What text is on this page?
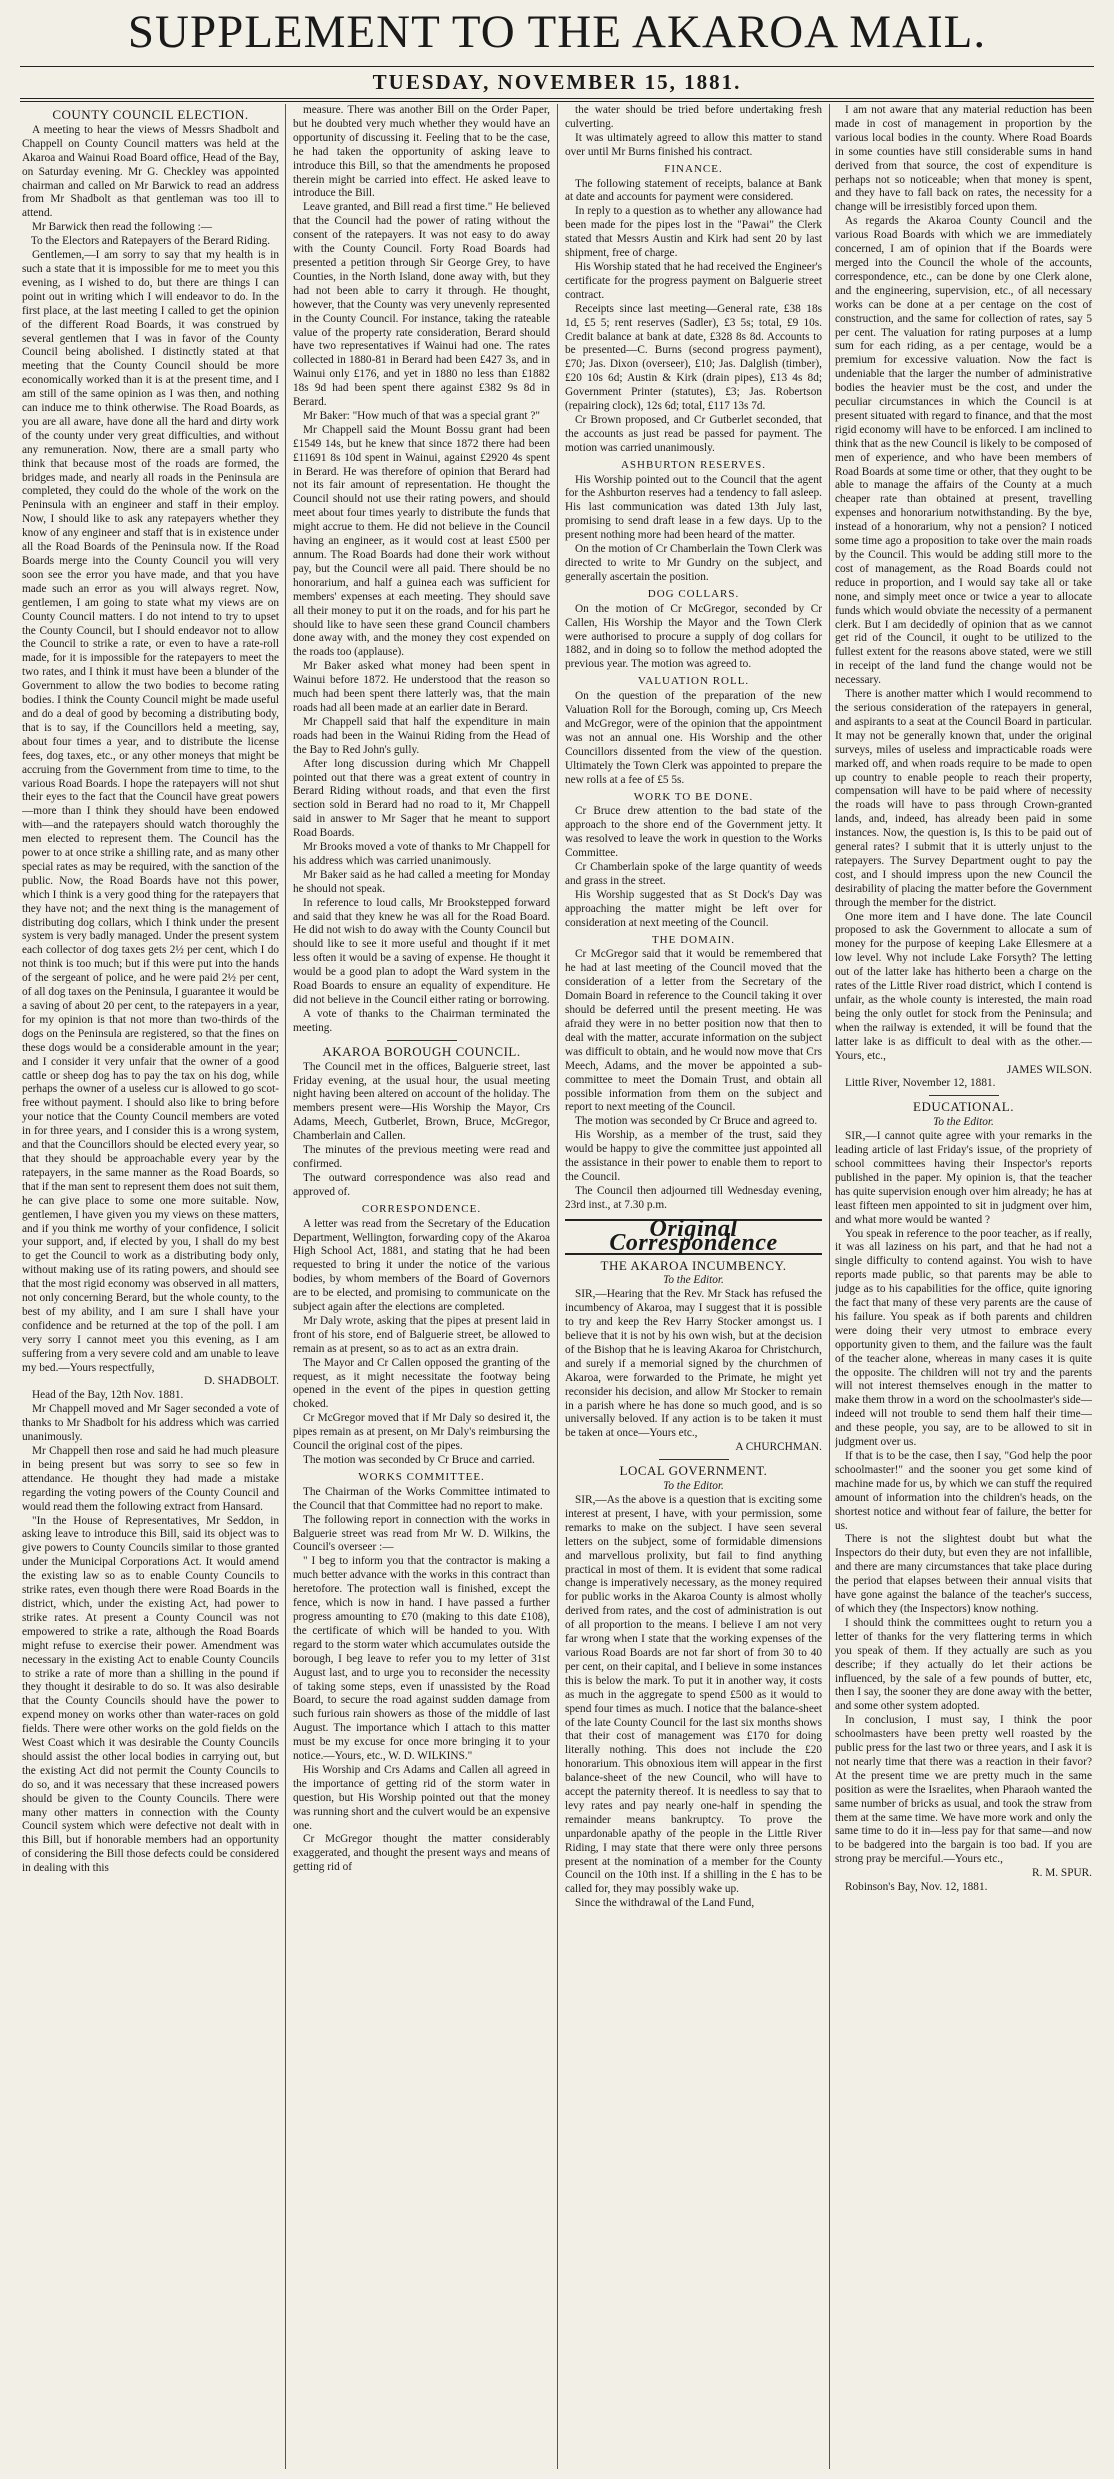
SUPPLEMENT TO THE AKAROA MAIL.
TUESDAY, NOVEMBER 15, 1881.

COUNTY COUNCIL ELECTION.

A meeting to hear the views of Messrs Shadbolt and Chappell on County Council matters was held at the Akaroa and Wainui Road Board office, Head of the Bay, on Saturday evening. Mr G. Checkley was appointed chairman and called on Mr Barwick to read an address from Mr Shadbolt as that gentleman was too ill to attend.

Mr Barwick then read the following :—

To the Electors and Ratepayers of the Berard Riding.

Gentlemen,—I am sorry to say that my health is in such a state that it is impossible for me to meet you this evening, as I wished to do, but there are things I can point out in writing which I will endeavor to do. In the first place, at the last meeting I called to get the opinion of the different Road Boards, it was construed by several gentlemen that I was in favor of the County Council being abolished. I distinctly stated at that meeting that the County Council should be more economically worked than it is at the present time, and I am still of the same opinion as I was then, and nothing can induce me to think otherwise. The Road Boards, as you are all aware, have done all the hard and dirty work of the county under very great difficulties, and without any remuneration. Now, there are a small party who think that because most of the roads are formed, the bridges made, and nearly all roads in the Peninsula are completed, they could do the whole of the work on the Peninsula with an engineer and staff in their employ. Now, I should like to ask any ratepayers whether they know of any engineer and staff that is in existence under all the Road Boards of the Peninsula now. If the Road Boards merge into the County Council you will very soon see the error you have made, and that you have made such an error as you will always regret. Now, gentlemen, I am going to state what my views are on County Council matters. I do not intend to try to upset the County Council, but I should endeavor not to allow the Council to strike a rate, or even to have a rate-roll made, for it is impossible for the ratepayers to meet the two rates, and I think it must have been a blunder of the Government to allow the two bodies to become rating bodies. I think the County Council might be made useful and do a deal of good by becoming a distributing body, that is to say, if the Councillors held a meeting, say, about four times a year, and to distribute the license fees, dog taxes, etc., or any other moneys that might be accruing from the Government from time to time, to the various Road Boards. I hope the ratepayers will not shut their eyes to the fact that the Council have great powers—more than I think they should have been endowed with—and the ratepayers should watch thoroughly the men elected to represent them. The Council has the power to at once strike a shilling rate, and as many other special rates as may be required, with the sanction of the public. Now, the Road Boards have not this power, which I think is a very good thing for the ratepayers that they have not; and the next thing is the management of distributing dog collars, which I think under the present system is very badly managed. Under the present system each collector of dog taxes gets 2½ per cent, which I do not think is too much; but if this were put into the hands of the sergeant of police, and he were paid 2½ per cent, of all dog taxes on the Peninsula, I guarantee it would be a saving of about 20 per cent, to the ratepayers in a year, for my opinion is that not more than two-thirds of the dogs on the Peninsula are registered, so that the fines on these dogs would be a considerable amount in the year; and I consider it very unfair that the owner of a good cattle or sheep dog has to pay the tax on his dog, while perhaps the owner of a useless cur is allowed to go scot-free without payment. I should also like to bring before your notice that the County Council members are voted in for three years, and I consider this is a wrong system, and that the Councillors should be elected every year, so that they should be approachable every year by the ratepayers, in the same manner as the Road Boards, so that if the man sent to represent them does not suit them, he can give place to some one more suitable. Now, gentlemen, I have given you my views on these matters, and if you think me worthy of your confidence, I solicit your support, and, if elected by you, I shall do my best to get the Council to work as a distributing body only, without making use of its rating powers, and should see that the most rigid economy was observed in all matters, not only concerning Berard, but the whole county, to the best of my ability, and I am sure I shall have your confidence and be returned at the top of the poll. I am very sorry I cannot meet you this evening, as I am suffering from a very severe cold and am unable to leave my bed.—Yours respectfully,

D. SHADBOLT.

Head of the Bay, 12th Nov. 1881.

Mr Chappell moved and Mr Sager seconded a vote of thanks to Mr Shadbolt for his address which was carried unanimously.

Mr Chappell then rose and said he had much pleasure in being present but was sorry to see so few in attendance. He thought they had made a mistake regarding the voting powers of the County Council and would read them the following extract from Hansard.

"In the House of Representatives, Mr Seddon, in asking leave to introduce this Bill, said its object was to give powers to County Councils similar to those granted under the Municipal Corporations Act. It would amend the existing law so as to enable County Councils to strike rates, even though there were Road Boards in the district, which, under the existing Act, had power to strike rates. At present a County Council was not empowered to strike a rate, although the Road Boards might refuse to exercise their power. Amendment was necessary in the existing Act to enable County Councils to strike a rate of more than a shilling in the pound if they thought it desirable to do so. It was also desirable that the County Councils should have the power to expend money on works other than water-races on gold fields. There were other works on the gold fields on the West Coast which it was desirable the County Councils should assist the other local bodies in carrying out, but the existing Act did not permit the County Councils to do so, and it was necessary that these increased powers should be given to the County Councils. There were many other matters in connection with the County Council system which were defective not dealt with in this Bill, but if honorable members had an opportunity of considering the Bill those defects could be considered in dealing with this

measure. There was another Bill on the Order Paper, but he doubted very much whether they would have an opportunity of discussing it. Feeling that to be the case, he had taken the opportunity of asking leave to introduce this Bill, so that the amendments he proposed therein might be carried into effect. He asked leave to introduce the Bill.

Leave granted, and Bill read a first time." He believed that the Council had the power of rating without the consent of the ratepayers. It was not easy to do away with the County Council. Forty Road Boards had presented a petition through Sir George Grey, to have Counties, in the North Island, done away with, but they had not been able to carry it through. He thought, however, that the County was very unevenly represented in the County Council. For instance, taking the rateable value of the property rate consideration, Berard should have two representatives if Wainui had one. The rates collected in 1880-81 in Berard had been £427 3s, and in Wainui only £176, and yet in 1880 no less than £1882 18s 9d had been spent there against £382 9s 8d in Berard.

Mr Baker: "How much of that was a special grant ?"

Mr Chappell said the Mount Bossu grant had been £1549 14s, but he knew that since 1872 there had been £11691 8s 10d spent in Wainui, against £2920 4s spent in Berard. He was therefore of opinion that Berard had not its fair amount of representation. He thought the Council should not use their rating powers, and should meet about four times yearly to distribute the funds that might accrue to them. He did not believe in the Council having an engineer, as it would cost at least £500 per annum. The Road Boards had done their work without pay, but the Council were all paid. There should be no honorarium, and half a guinea each was sufficient for members' expenses at each meeting. They should save all their money to put it on the roads, and for his part he should like to have seen these grand Council chambers done away with, and the money they cost expended on the roads too (applause).

Mr Baker asked what money had been spent in Wainui before 1872. He understood that the reason so much had been spent there latterly was, that the main roads had all been made at an earlier date in Berard.

Mr Chappell said that half the expenditure in main roads had been in the Wainui Riding from the Head of the Bay to Red John's gully.

After long discussion during which Mr Chappell pointed out that there was a great extent of country in Berard Riding without roads, and that even the first section sold in Berard had no road to it, Mr Chappell said in answer to Mr Sager that he meant to support Road Boards.

Mr Brooks moved a vote of thanks to Mr Chappell for his address which was carried unanimously.

Mr Baker said as he had called a meeting for Monday he should not speak.

In reference to loud calls, Mr Brookstepped forward and said that they knew he was all for the Road Board. He did not wish to do away with the County Council but should like to see it more useful and thought if it met less often it would be a saving of expense. He thought it would be a good plan to adopt the Ward system in the Road Boards to ensure an equality of expenditure. He did not believe in the Council either rating or borrowing.

A vote of thanks to the Chairman terminated the meeting.

AKAROA BOROUGH COUNCIL.

The Council met in the offices, Balguerie street, last Friday evening, at the usual hour, the usual meeting night having been altered on account of the holiday. The members present were—His Worship the Mayor, Crs Adams, Meech, Gutberlet, Brown, Bruce, McGregor, Chamberlain and Callen.

The minutes of the previous meeting were read and confirmed.

The outward correspondence was also read and approved of.

CORRESPONDENCE.

A letter was read from the Secretary of the Education Department, Wellington, forwarding copy of the Akaroa High School Act, 1881, and stating that he had been requested to bring it under the notice of the various bodies, by whom members of the Board of Governors are to be elected, and promising to communicate on the subject again after the elections are completed.

Mr Daly wrote, asking that the pipes at present laid in front of his store, end of Balguerie street, be allowed to remain as at present, so as to act as an extra drain.

The Mayor and Cr Callen opposed the granting of the request, as it might necessitate the footway being opened in the event of the pipes in question getting choked.

Cr McGregor moved that if Mr Daly so desired it, the pipes remain as at present, on Mr Daly's reimbursing the Council the original cost of the pipes.

The motion was seconded by Cr Bruce and carried.

WORKS COMMITTEE.

The Chairman of the Works Committee intimated to the Council that that Committee had no report to make.

The following report in connection with the works in Balguerie street was read from Mr W. D. Wilkins, the Council's overseer :—

" I beg to inform you that the contractor is making a much better advance with the works in this contract than heretofore. The protection wall is finished, except the fence, which is now in hand. I have passed a further progress amounting to £70 (making to this date £108), the certificate of which will be handed to you. With regard to the storm water which accumulates outside the borough, I beg leave to refer you to my letter of 31st August last, and to urge you to reconsider the necessity of taking some steps, even if unassisted by the Road Board, to secure the road against sudden damage from such furious rain showers as those of the middle of last August. The importance which I attach to this matter must be my excuse for once more bringing it to your notice.—Yours, etc., W. D. WILKINS."

His Worship and Crs Adams and Callen all agreed in the importance of getting rid of the storm water in question, but His Worship pointed out that the money was running short and the culvert would be an expensive one.

Cr McGregor thought the matter considerably exaggerated, and thought the present ways and means of getting rid of

the water should be tried before undertaking fresh culverting.

It was ultimately agreed to allow this matter to stand over until Mr Burns finished his contract.

FINANCE.

The following statement of receipts, balance at Bank at date and accounts for payment were considered.

In reply to a question as to whether any allowance had been made for the pipes lost in the "Pawai" the Clerk stated that Messrs Austin and Kirk had sent 20 by last shipment, free of charge.

His Worship stated that he had received the Engineer's certificate for the progress payment on Balguerie street contract.

Receipts since last meeting—General rate, £38 18s 1d, £5 5; rent reserves (Sadler), £3 5s; total, £9 10s. Credit balance at bank at date, £328 8s 8d. Accounts to be presented—C. Burns (second progress payment), £70; Jas. Dixon (overseer), £10; Jas. Dalglish (timber), £20 10s 6d; Austin & Kirk (drain pipes), £13 4s 8d; Government Printer (statutes), £3; Jas. Robertson (repairing clock), 12s 6d; total, £117 13s 7d.

Cr Brown proposed, and Cr Gutberlet seconded, that the accounts as just read be passed for payment. The motion was carried unanimously.

ASHBURTON RESERVES.

His Worship pointed out to the Council that the agent for the Ashburton reserves had a tendency to fall asleep. His last communication was dated 13th July last, promising to send draft lease in a few days. Up to the present nothing more had been heard of the matter.

On the motion of Cr Chamberlain the Town Clerk was directed to write to Mr Gundry on the subject, and generally ascertain the position.

DOG COLLARS.

On the motion of Cr McGregor, seconded by Cr Callen, His Worship the Mayor and the Town Clerk were authorised to procure a supply of dog collars for 1882, and in doing so to follow the method adopted the previous year. The motion was agreed to.

VALUATION ROLL.

On the question of the preparation of the new Valuation Roll for the Borough, coming up, Crs Meech and McGregor, were of the opinion that the appointment was not an annual one. His Worship and the other Councillors dissented from the view of the question. Ultimately the Town Clerk was appointed to prepare the new rolls at a fee of £5 5s.

WORK TO BE DONE.

Cr Bruce drew attention to the bad state of the approach to the shore end of the Government jetty. It was resolved to leave the work in question to the Works Committee.

Cr Chamberlain spoke of the large quantity of weeds and grass in the street.

His Worship suggested that as St Dock's Day was approaching the matter might be left over for consideration at next meeting of the Council.

THE DOMAIN.

Cr McGregor said that it would be remembered that he had at last meeting of the Council moved that the consideration of a letter from the Secretary of the Domain Board in reference to the Council taking it over should be deferred until the present meeting. He was afraid they were in no better position now that then to deal with the matter, accurate information on the subject was difficult to obtain, and he would now move that Crs Meech, Adams, and the mover be appointed a sub-committee to meet the Domain Trust, and obtain all possible information from them on the subject and report to next meeting of the Council.

The motion was seconded by Cr Bruce and agreed to.

His Worship, as a member of the trust, said they would be happy to give the committee just appointed all the assistance in their power to enable them to report to the Council.

The Council then adjourned till Wednesday evening, 23rd inst., at 7.30 p.m.

Original Correspondence

THE AKAROA INCUMBENCY.

To the Editor.

SIR,—Hearing that the Rev. Mr Stack has refused the incumbency of Akaroa, may I suggest that it is possible to try and keep the Rev Harry Stocker amongst us. I believe that it is not by his own wish, but at the decision of the Bishop that he is leaving Akaroa for Christchurch, and surely if a memorial signed by the churchmen of Akaroa, were forwarded to the Primate, he might yet reconsider his decision, and allow Mr Stocker to remain in a parish where he has done so much good, and is so universally beloved. If any action is to be taken it must be taken at once—Yours etc.,

A CHURCHMAN.

LOCAL GOVERNMENT.

To the Editor.

SIR,—As the above is a question that is exciting some interest at present, I have, with your permission, some remarks to make on the subject. I have seen several letters on the subject, some of formidable dimensions and marvellous prolixity, but fail to find anything practical in most of them. It is evident that some radical change is imperatively necessary, as the money required for public works in the Akaroa County is almost wholly derived from rates, and the cost of administration is out of all proportion to the means. I believe I am not very far wrong when I state that the working expenses of the various Road Boards are not far short of from 30 to 40 per cent, on their capital, and I believe in some instances this is below the mark. To put it in another way, it costs as much in the aggregate to spend £500 as it would to spend four times as much. I notice that the balance-sheet of the late County Council for the last six months shows that their cost of management was £170 for doing literally nothing. This does not include the £20 honorarium. This obnoxious item will appear in the first balance-sheet of the new Council, who will have to accept the paternity thereof. It is needless to say that to levy rates and pay nearly one-half in spending the remainder means bankruptcy. To prove the unpardonable apathy of the people in the Little River Riding, I may state that there were only three persons present at the nomination of a member for the County Council on the 10th inst. If a shilling in the £ has to be called for, they may possibly wake up.

Since the withdrawal of the Land Fund,

I am not aware that any material reduction has been made in cost of management in proportion by the various local bodies in the county. Where Road Boards in some counties have still considerable sums in hand derived from that source, the cost of expenditure is perhaps not so noticeable; when that money is spent, and they have to fall back on rates, the necessity for a change will be irresistibly forced upon them.

As regards the Akaroa County Council and the various Road Boards with which we are immediately concerned, I am of opinion that if the Boards were merged into the Council the whole of the accounts, correspondence, etc., can be done by one Clerk alone, and the engineering, supervision, etc., of all necessary works can be done at a per centage on the cost of construction, and the same for collection of rates, say 5 per cent. The valuation for rating purposes at a lump sum for each riding, as a per centage, would be a premium for excessive valuation. Now the fact is undeniable that the larger the number of administrative bodies the heavier must be the cost, and under the peculiar circumstances in which the Council is at present situated with regard to finance, and that the most rigid economy will have to be enforced. I am inclined to think that as the new Council is likely to be composed of men of experience, and who have been members of Road Boards at some time or other, that they ought to be able to manage the affairs of the County at a much cheaper rate than obtained at present, travelling expenses and honorarium notwithstanding. By the bye, instead of a honorarium, why not a pension? I noticed some time ago a proposition to take over the main roads by the Council. This would be adding still more to the cost of management, as the Road Boards could not reduce in proportion, and I would say take all or take none, and simply meet once or twice a year to allocate funds which would obviate the necessity of a permanent clerk. But I am decidedly of opinion that as we cannot get rid of the Council, it ought to be utilized to the fullest extent for the reasons above stated, were we still in receipt of the land fund the change would not be necessary.

There is another matter which I would recommend to the serious consideration of the ratepayers in general, and aspirants to a seat at the Council Board in particular. It may not be generally known that, under the original surveys, miles of useless and impracticable roads were marked off, and when roads require to be made to open up country to enable people to reach their property, compensation will have to be paid where of necessity the roads will have to pass through Crown-granted lands, and, indeed, has already been paid in some instances. Now, the question is, Is this to be paid out of general rates? I submit that it is utterly unjust to the ratepayers. The Survey Department ought to pay the cost, and I should impress upon the new Council the desirability of placing the matter before the Government through the member for the district.

One more item and I have done. The late Council proposed to ask the Government to allocate a sum of money for the purpose of keeping Lake Ellesmere at a low level. Why not include Lake Forsyth? The letting out of the latter lake has hitherto been a charge on the rates of the Little River road district, which I contend is unfair, as the whole county is interested, the main road being the only outlet for stock from the Peninsula; and when the railway is extended, it will be found that the latter lake is as difficult to deal with as the other.—Yours, etc.,

JAMES WILSON.

Little River, November 12, 1881.

EDUCATIONAL.

To the Editor.

SIR,—I cannot quite agree with your remarks in the leading article of last Friday's issue, of the propriety of school committees having their Inspector's reports published in the paper. My opinion is, that the teacher has quite supervision enough over him already; he has at least fifteen men appointed to sit in judgment over him, and what more would be wanted ?

You speak in reference to the poor teacher, as if really, it was all laziness on his part, and that he had not a single difficulty to contend against. You wish to have reports made public, so that parents may be able to judge as to his capabilities for the office, quite ignoring the fact that many of these very parents are the cause of his failure. You speak as if both parents and children were doing their very utmost to embrace every opportunity given to them, and the failure was the fault of the teacher alone, whereas in many cases it is quite the opposite. The children will not try and the parents will not interest themselves enough in the matter to make them throw in a word on the schoolmaster's side—indeed will not trouble to send them half their time—and these people, you say, are to be allowed to sit in judgment over us.

If that is to be the case, then I say, "God help the poor schoolmaster!" and the sooner you get some kind of machine made for us, by which we can stuff the required amount of information into the children's heads, on the shortest notice and without fear of failure, the better for us.

There is not the slightest doubt but what the Inspectors do their duty, but even they are not infallible, and there are many circumstances that take place during the period that elapses between their annual visits that have gone against the balance of the teacher's success, of which they (the Inspectors) know nothing.

I should think the committees ought to return you a letter of thanks for the very flattering terms in which you speak of them. If they actually are such as you describe; if they actually do let their actions be influenced, by the sale of a few pounds of butter, etc, then I say, the sooner they are done away with the better, and some other system adopted.

In conclusion, I must say, I think the poor schoolmasters have been pretty well roasted by the public press for the last two or three years, and I ask it is not nearly time that there was a reaction in their favor? At the present time we are pretty much in the same position as were the Israelites, when Pharaoh wanted the same number of bricks as usual, and took the straw from them at the same time. We have more work and only the same time to do it in—less pay for that same—and now to be badgered into the bargain is too bad. If you are strong pray be merciful.—Yours etc.,

R. M. SPUR.

Robinson's Bay, Nov. 12, 1881.
